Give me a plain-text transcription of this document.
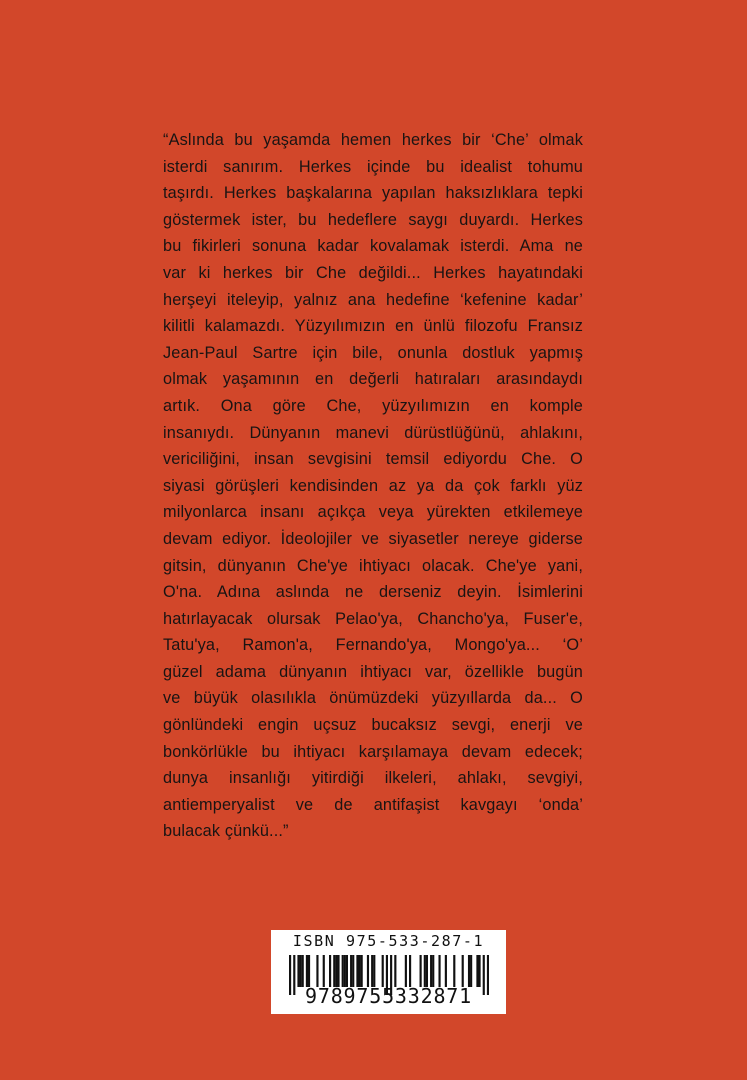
“Aslında bu yaşamda hemen herkes bir ‘Che’ olmak
isterdi sanırım. Herkes içinde bu idealist tohumu
taşırdı. Herkes başkalarına yapılan haksızlıklara tepki
göstermek ister, bu hedeflere saygı duyardı. Herkes
bu fikirleri sonuna kadar kovalamak isterdi. Ama ne
var ki herkes bir Che değildi... Herkes hayatındaki
herşeyi iteleyip, yalnız ana hedefine ‘kefenine kadar’
kilitli kalamazdı. Yüzyılımızın en ünlü filozofu Fransız
Jean-Paul Sartre için bile, onunla dostluk yapmış
olmak yaşamının en değerli hatıraları arasındaydı
artık. Ona göre Che, yüzyılımızın en komple
insanıydı. Dünyanın manevi dürüstlüğünü, ahlakını,
vericiliğini, insan sevgisini temsil ediyordu Che. O
siyasi görüşleri kendisinden az ya da çok farklı yüz
milyonlarca insanı açıkça veya yürekten etkilemeye
devam ediyor. İdeolojiler ve siyasetler nereye giderse
gitsin, dünyanın Che'ye ihtiyacı olacak. Che'ye yani,
O'na. Adına aslında ne derseniz deyin. İsimlerini
hatırlayacak olursak Pelao'ya, Chancho'ya, Fuser'e,
Tatu'ya, Ramon'a, Fernando'ya, Mongo'ya... ‘O’
güzel adama dünyanın ihtiyacı var, özellikle bugün
ve büyük olasılıkla önümüzdeki yüzyıllarda da... O
gönlündeki engin uçsuz bucaksız sevgi, enerji ve
bonkörlükle bu ihtiyacı karşılamaya devam edecek;
dunya insanlığı yitirdiği ilkeleri, ahlakı, sevgiyi,
antiemperyalist ve de antifaşist kavgayı ‘onda’
bulacak çünkü...”
ISBN 975-533-287-1
9789755332871
